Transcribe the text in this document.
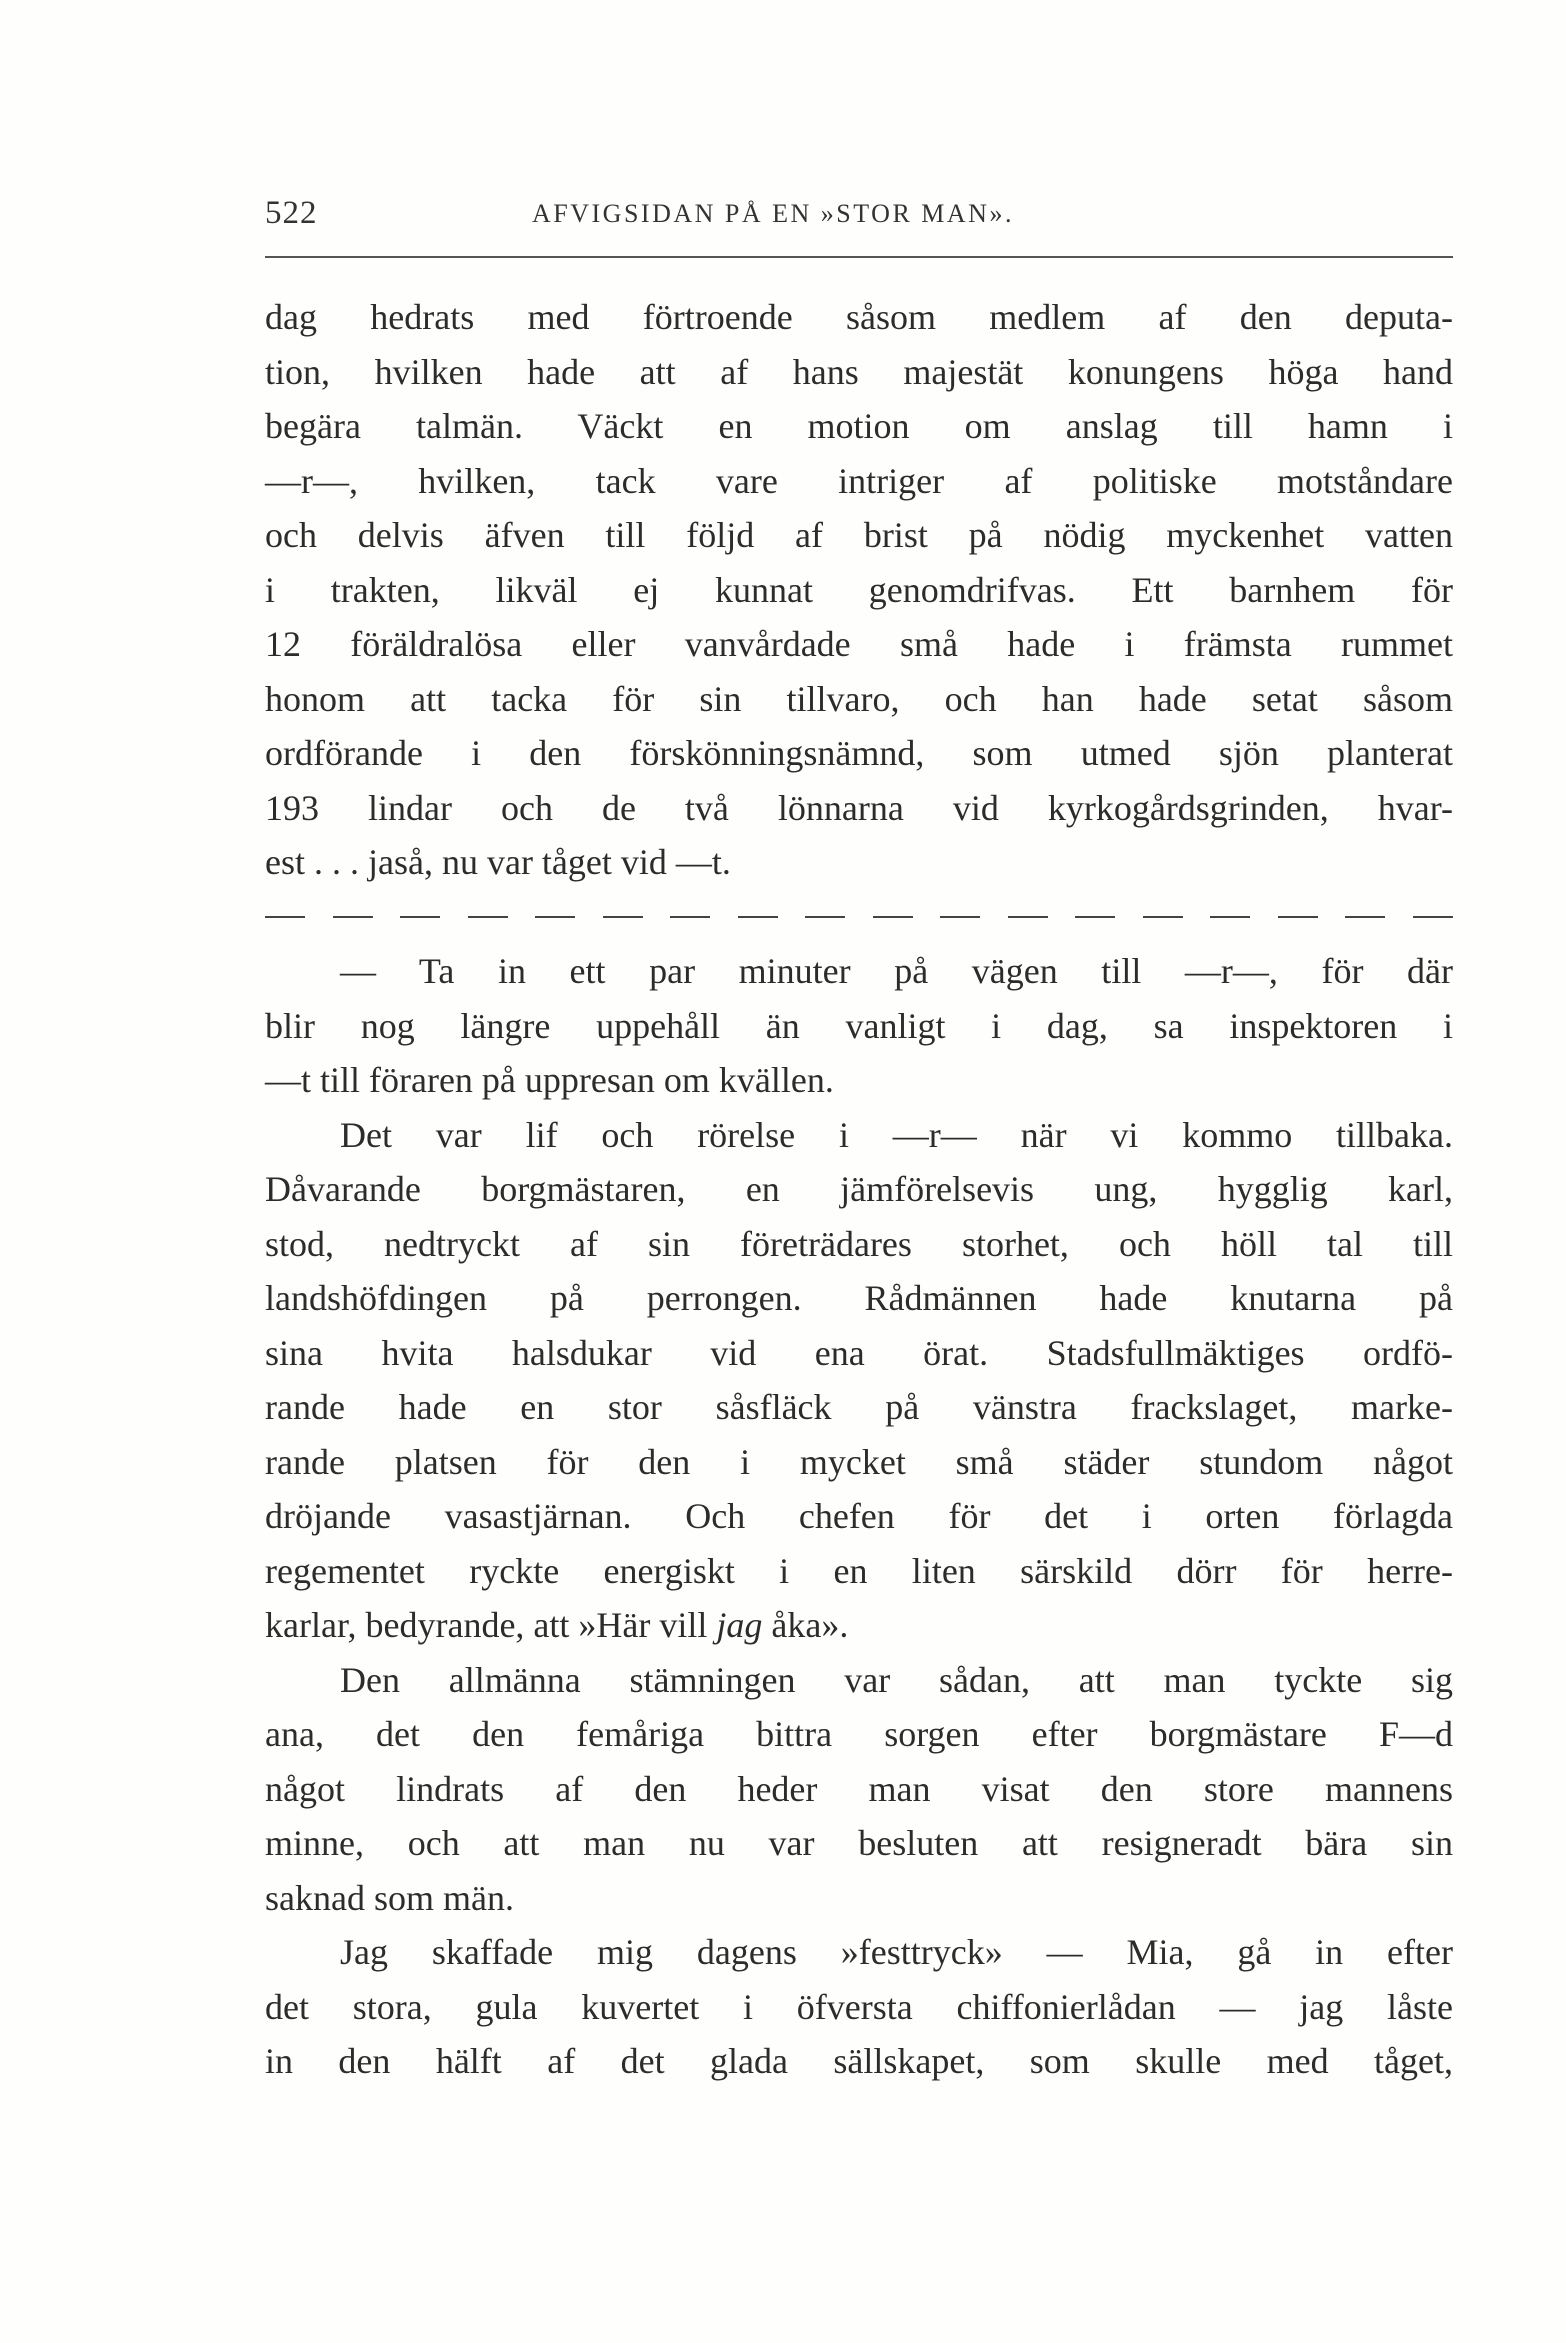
522	AFVIGSIDAN PÅ EN »STOR MAN».
dag hedrats med förtroende såsom medlem af den deputa-
tion, hvilken hade att af hans majestät konungens höga hand
begära talmän. Väckt en motion om anslag till hamn i
—r—, hvilken, tack vare intriger af politiske motståndare
och delvis äfven till följd af brist på nödig myckenhet vatten
i trakten, likväl ej kunnat genomdrifvas. Ett barnhem för
12 föräldralösa eller vanvårdade små hade i främsta rummet
honom att tacka för sin tillvaro, och han hade setat såsom
ordförande i den förskönningsnämnd, som utmed sjön planterat
193 lindar och de två lönnarna vid kyrkogårdsgrinden, hvar-
est . . . jaså, nu var tåget vid —t.
— Ta in ett par minuter på vägen till —r—, för där
blir nog längre uppehåll än vanligt i dag, sa inspektoren i
—t till föraren på uppresan om kvällen.
Det var lif och rörelse i —r— när vi kommo tillbaka.
Dåvarande borgmästaren, en jämförelsevis ung, hygglig karl,
stod, nedtryckt af sin företrädares storhet, och höll tal till
landshöfdingen på perrongen. Rådmännen hade knutarna på
sina hvita halsdukar vid ena örat. Stadsfullmäktiges ordfö-
rande hade en stor såsfläck på vänstra frackslaget, marke-
rande platsen för den i mycket små städer stundom något
dröjande vasastjärnan. Och chefen för det i orten förlagda
regementet ryckte energiskt i en liten särskild dörr för herre-
karlar, bedyrande, att »Här vill jag åka».
Den allmänna stämningen var sådan, att man tyckte sig
ana, det den femåriga bittra sorgen efter borgmästare F—d
något lindrats af den heder man visat den store mannens
minne, och att man nu var besluten att resigneradt bära sin
saknad som män.
Jag skaffade mig dagens »festtryck» — Mia, gå in efter
det stora, gula kuvertet i öfversta chiffonierlådan — jag låste
in den hälft af det glada sällskapet, som skulle med tåget,
